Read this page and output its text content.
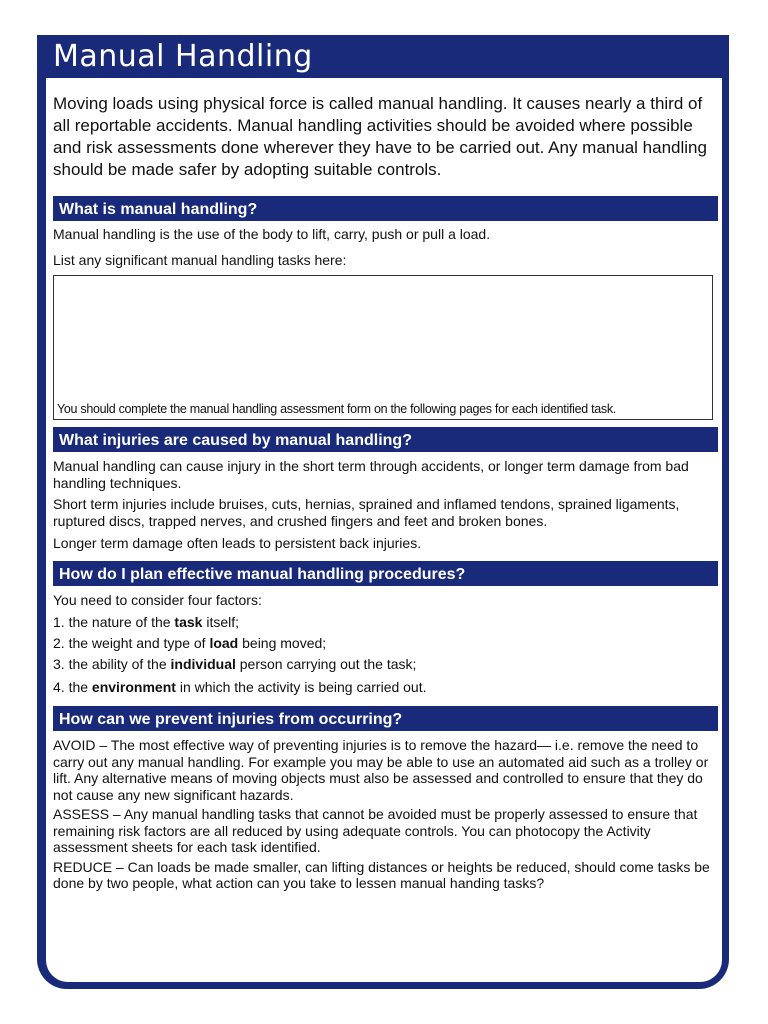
Manual Handling

Moving loads using physical force is called manual handling. It causes nearly a third of all reportable accidents. Manual handling activities should be avoided where possible and risk assessments done wherever they have to be carried out. Any manual handling should be made safer by adopting suitable controls.

What is manual handling?

Manual handling is the use of the body to lift, carry, push or pull a load.

List any significant manual handling tasks here:

You should complete the manual handling assessment form on the following pages for each identified task.

What injuries are caused by manual handling?

Manual handling can cause injury in the short term through accidents, or longer term damage from bad handling techniques.

Short term injuries include bruises, cuts, hernias, sprained and inflamed tendons, sprained ligaments, ruptured discs, trapped nerves, and crushed fingers and feet and broken bones.

Longer term damage often leads to persistent back injuries.

How do I plan effective manual handling procedures?

You need to consider four factors:

1. the nature of the task itself;
2. the weight and type of load being moved;
3. the ability of the individual person carrying out the task;
4. the environment in which the activity is being carried out.
How can we prevent injuries from occurring?

AVOID – The most effective way of preventing injuries is to remove the hazard— i.e. remove the need to carry out any manual handling. For example you may be able to use an automated aid such as a trolley or lift. Any alternative means of moving objects must also be assessed and controlled to ensure that they do not cause any new significant hazards.

ASSESS – Any manual handling tasks that cannot be avoided must be properly assessed to ensure that remaining risk factors are all reduced by using adequate controls. You can photocopy the Activity assessment sheets for each task identified.

REDUCE – Can loads be made smaller, can lifting distances or heights be reduced, should come tasks be done by two people, what action can you take to lessen manual handing tasks?
